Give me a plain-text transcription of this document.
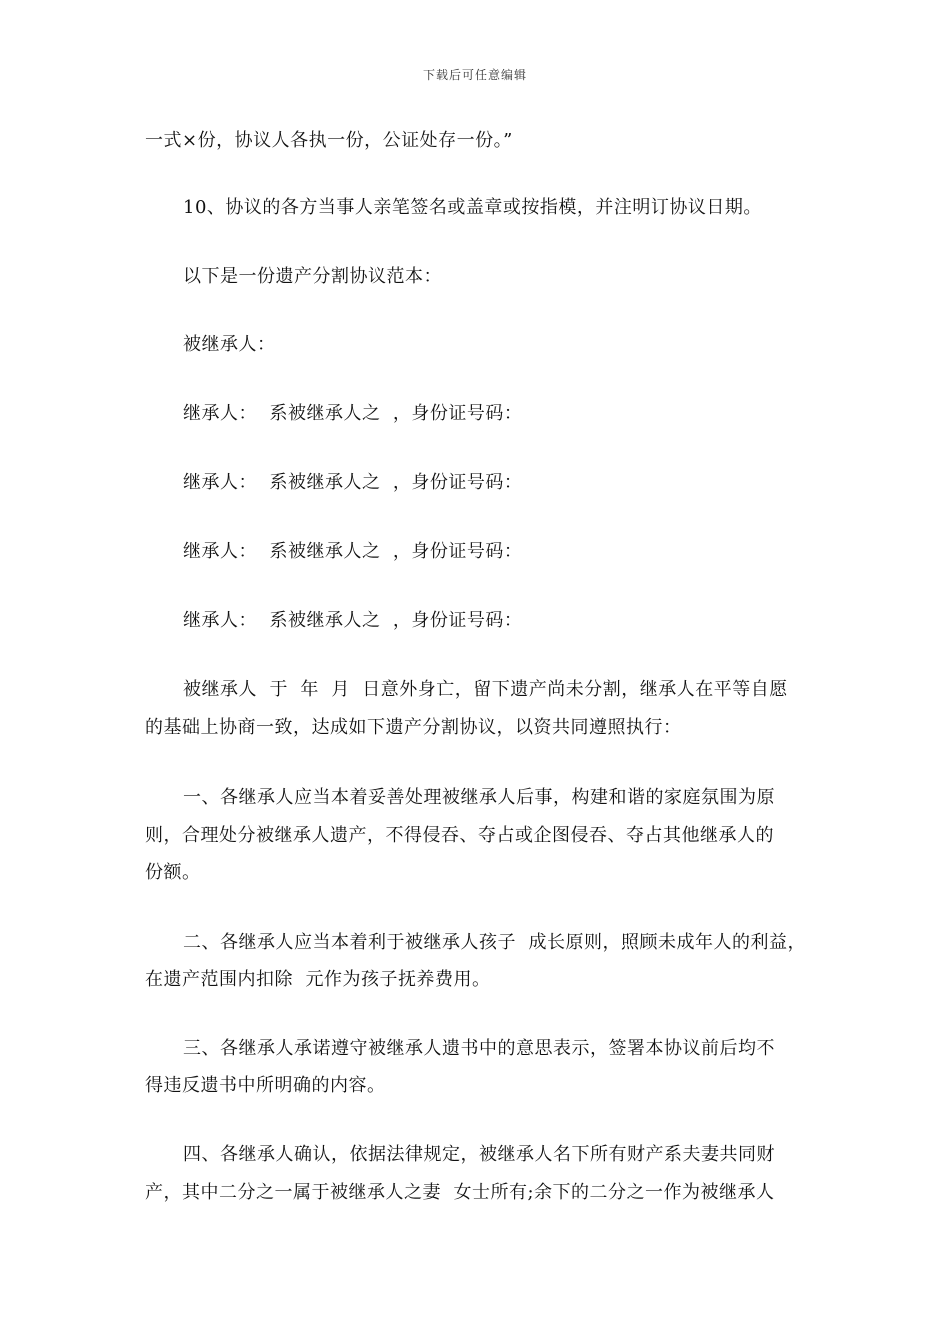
下载后可任意编辑
一式×份，协议人各执一份，公证处存一份。”
10、协议的各方当事人亲笔签名或盖章或按指模，并注明订协议日期。
以下是一份遗产分割协议范本：
被继承人：
继承人：  系被继承人之  ，身份证号码：
继承人：  系被继承人之  ，身份证号码：
继承人：  系被继承人之  ，身份证号码：
继承人：  系被继承人之  ，身份证号码：
被继承人  于  年  月  日意外身亡，留下遗产尚未分割，继承人在平等自愿
的基础上协商一致，达成如下遗产分割协议，以资共同遵照执行：
一、各继承人应当本着妥善处理被继承人后事，构建和谐的家庭氛围为原
则，合理处分被继承人遗产，不得侵吞、夺占或企图侵吞、夺占其他继承人的
份额。
二、各继承人应当本着利于被继承人孩子  成长原则，照顾未成年人的利益，
在遗产范围内扣除  元作为孩子抚养费用。
三、各继承人承诺遵守被继承人遗书中的意思表示，签署本协议前后均不
得违反遗书中所明确的内容。
四、各继承人确认，依据法律规定，被继承人名下所有财产系夫妻共同财
产，其中二分之一属于被继承人之妻  女士所有;余下的二分之一作为被继承人
